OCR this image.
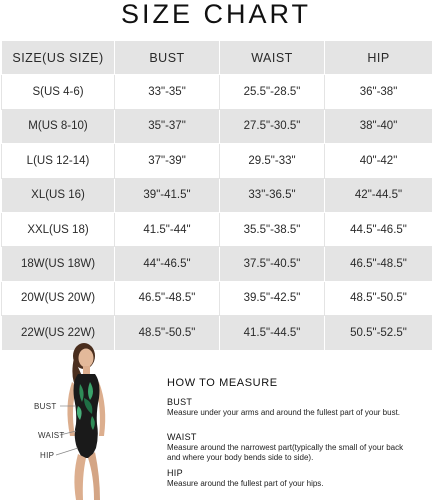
SIZE CHART
SIZE(US SIZE)	BUST	WAIST	HIP
S(US 4-6)	33"-35"	25.5"-28.5"	36"-38"
M(US 8-10)	35"-37"	27.5"-30.5"	38"-40"
L(US 12-14)	37"-39"	29.5"-33"	40"-42"
XL(US 16)	39"-41.5"	33"-36.5"	42"-44.5"
XXL(US 18)	41.5"-44"	35.5"-38.5"	44.5"-46.5"
18W(US 18W)	44"-46.5"	37.5"-40.5"	46.5"-48.5"
20W(US 20W)	46.5"-48.5"	39.5"-42.5"	48.5"-50.5"
22W(US 22W)	48.5"-50.5"	41.5"-44.5"	50.5"-52.5"
BUST
WAIST
HIP
HOW TO MEASURE
BUST
Measure under your arms and around the fullest part of your bust.
WAIST
Measure around the narrowest part(typically the small of your back and where your body bends side to side).
HIP
Measure around the fullest part of your hips.
